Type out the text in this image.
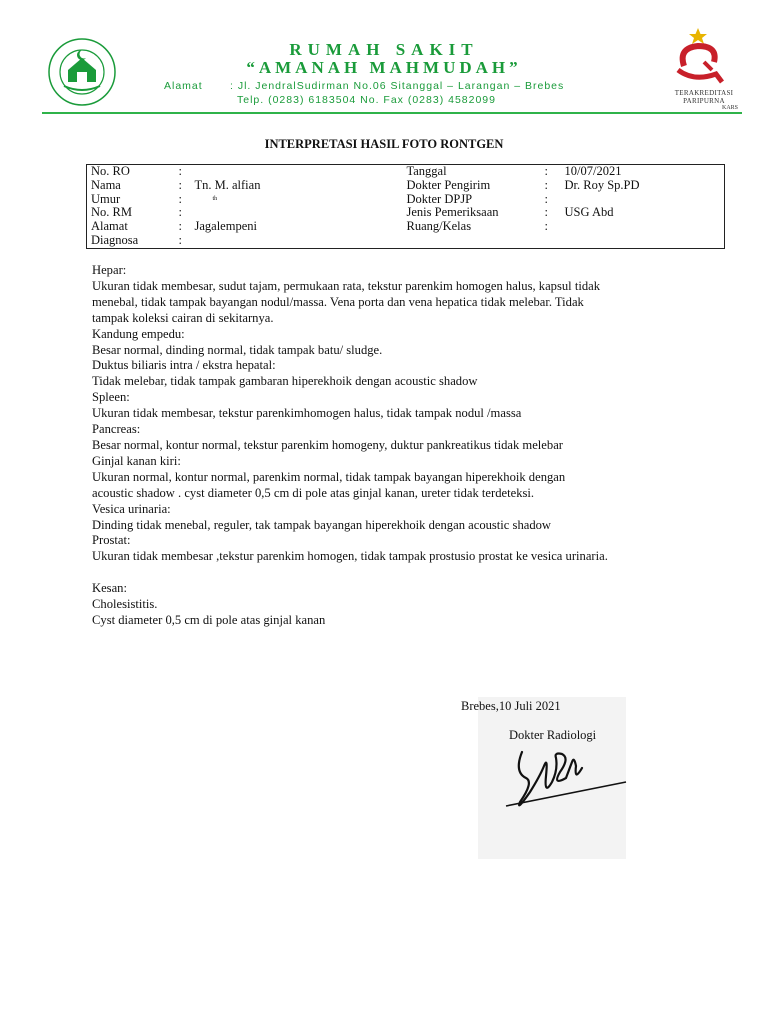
RUMAH SAKIT
“AMANAH MAHMUDAH”
Alamat	: Jl. JendralSudirman No.06 Sitanggal – Larangan – Brebes
Telp. (0283) 6183504 No. Fax (0283) 4582099
TERAKREDITASI PARIPURNA
KARS
INTERPRETASI HASIL FOTO RONTGEN
No. RO	:		Tanggal	:	10/07/2021
Nama	:	Tn. M. alfian	Dokter Pengirim	:	Dr. Roy Sp.PD
Umur	:	th	Dokter DPJP	:	
No. RM	:		Jenis Pemeriksaan	:	USG Abd
Alamat	:	Jagalempeni	Ruang/Kelas	:	
Diagnosa	:				
Hepar:
Ukuran tidak membesar, sudut tajam, permukaan rata, tekstur parenkim homogen halus, kapsul tidak
menebal, tidak tampak bayangan nodul/massa. Vena porta dan vena hepatica tidak melebar. Tidak
tampak koleksi cairan di sekitarnya.
Kandung empedu:
Besar normal, dinding normal, tidak tampak batu/ sludge.
Duktus biliaris intra / ekstra hepatal:
Tidak melebar, tidak tampak gambaran hiperekhoik dengan acoustic shadow
Spleen:
Ukuran tidak membesar, tekstur parenkimhomogen halus, tidak tampak nodul /massa
Pancreas:
Besar normal, kontur normal, tekstur parenkim homogeny, duktur pankreatikus tidak melebar
Ginjal kanan kiri:
Ukuran normal, kontur normal, parenkim normal, tidak tampak bayangan hiperekhoik dengan
acoustic shadow . cyst diameter 0,5 cm di pole atas ginjal kanan, ureter tidak terdeteksi.
Vesica urinaria:
Dinding tidak menebal, reguler, tak tampak bayangan hiperekhoik dengan acoustic shadow
Prostat:
Ukuran tidak membesar ,tekstur parenkim homogen, tidak tampak prostusio prostat ke vesica urinaria.
Kesan:
Cholesistitis.
Cyst diameter 0,5 cm di pole atas ginjal kanan
Brebes,10 Juli 2021
Dokter Radiologi
